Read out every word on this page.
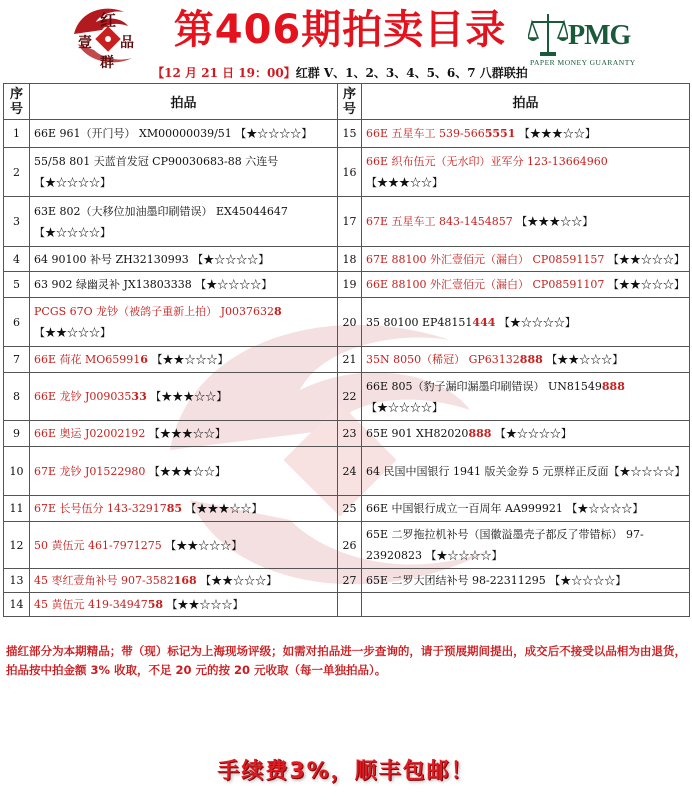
红
壹 品
群
第406期拍卖目录	PMG
PAPER MONEY GUARANTY
【12 月 21 日 19：00】红群 V、1、2、3、4、5、6、7 八群联拍
序号	拍品	序号	拍品
1	66E 961（开门号） XM00000039/51 【★☆☆☆☆】	15	66E 五星车工 539-5665551 【★★★☆☆】
2	55/58 801 天蓝首发冠 CP90030683-88 六连号【★☆☆☆☆】	16	66E 织布伍元（无水印）亚军分 123-13664960 【★★★☆☆】
3	63E 802（大移位加油墨印刷错误） EX45044647 【★☆☆☆☆】	17	67E 五星车工 843-1454857 【★★★☆☆】
4	64 90100 补号 ZH32130993 【★☆☆☆☆】	18	67E 88100 外汇壹佰元（漏白） CP08591157 【★★☆☆☆】
5	63 902 绿幽灵补 JX13803338 【★☆☆☆☆】	19	66E 88100 外汇壹佰元（漏白） CP08591107 【★★☆☆☆】
6	PCGS 67O 龙钞（被鸽子重新上拍） J00376328 【★★☆☆☆】	20	35 80100 EP48151444 【★☆☆☆☆】
7	66E 荷花 MO659916 【★★☆☆☆】	21	35N 8050（稀冠） GP63132888 【★★☆☆☆】
8	66E 龙钞 J00903533 【★★★☆☆】	22	66E 805（豹子漏印漏墨印刷错误） UN81549888 【★☆☆☆☆】
9	66E 奥运 J02002192 【★★★☆☆】	23	65E 901 XH82020888 【★☆☆☆☆】
10	67E 龙钞 J01522980 【★★★☆☆】	24	64 民国中国银行 1941 版关金券 5 元票样正反面【★☆☆☆☆】
11	67E 长号伍分 143-3291785 【★★★☆☆】	25	66E 中国银行成立一百周年 AA999921 【★☆☆☆☆】
12	50 黄伍元 461-7971275 【★★☆☆☆】	26	65E 二罗拖拉机补号（国徽溢墨壳子都反了带错标） 97-23920823 【★☆☆☆☆】
13	45 枣红壹角补号 907-3582168 【★★☆☆☆】	27	65E 二罗大团结补号 98-22311295 【★☆☆☆☆】
14	45 黄伍元 419-3494758 【★★☆☆☆】		
描红部分为本期精品；带（现）标记为上海现场评级；如需对拍品进一步查询的，请于预展期间提出，成交后不接受以品相为由退货，拍品按中拍金额 3% 收取，不足 20 元的按 20 元收取（每一单独拍品）。
手续费3%，顺丰包邮！
